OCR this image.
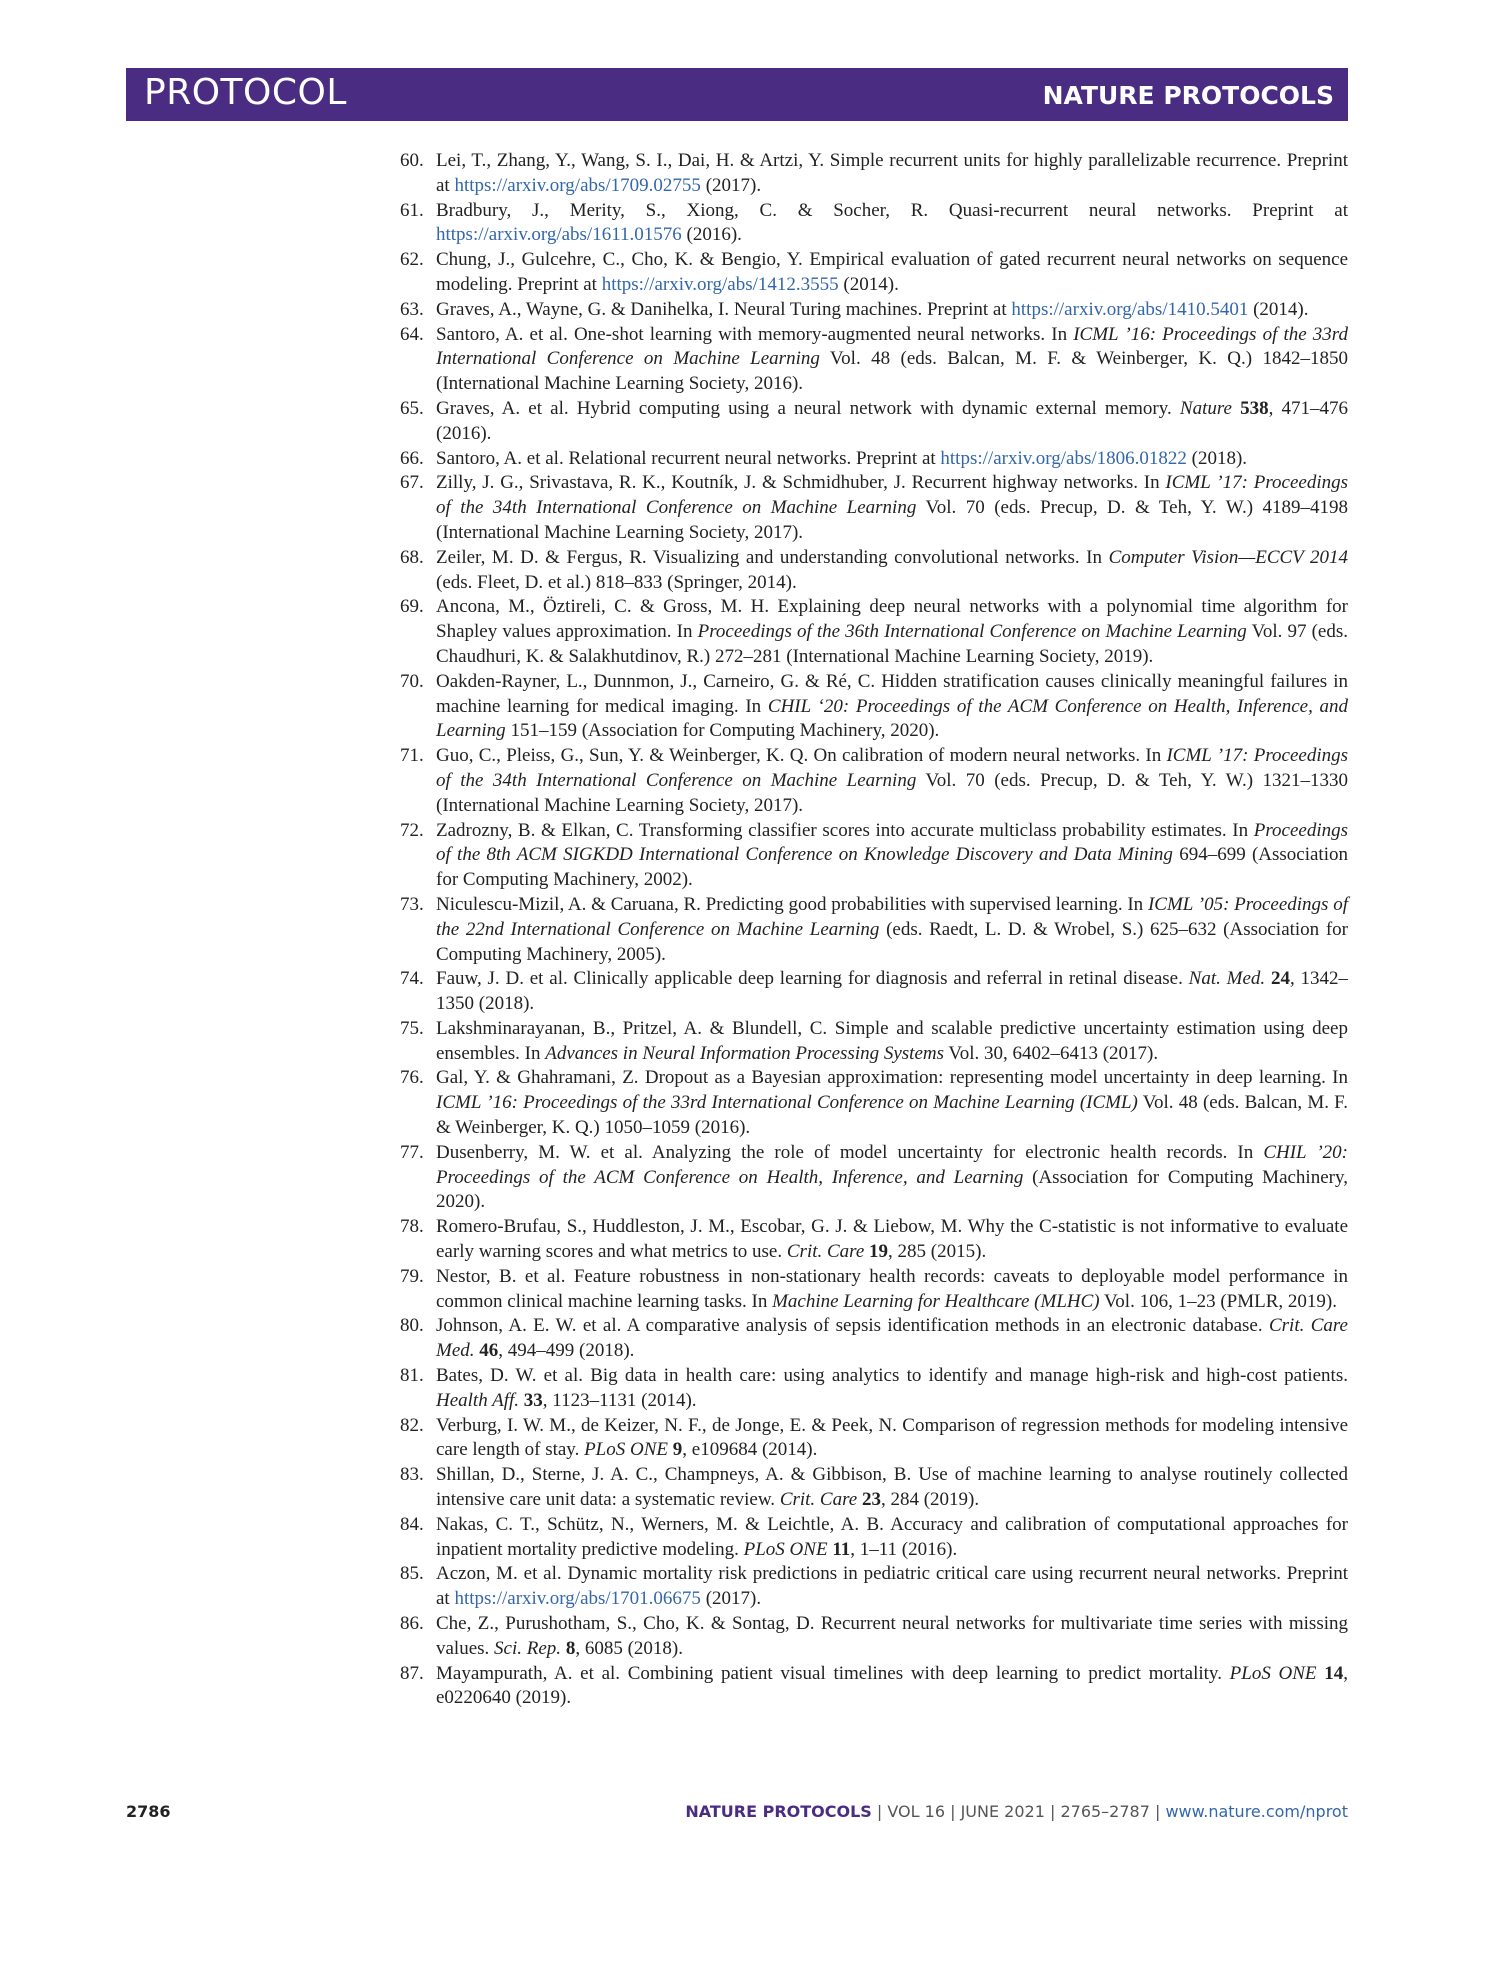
PROTOCOL	NATURE PROTOCOLS
60. Lei, T., Zhang, Y., Wang, S. I., Dai, H. & Artzi, Y. Simple recurrent units for highly parallelizable recurrence. Preprint at https://arxiv.org/abs/1709.02755 (2017).
61. Bradbury, J., Merity, S., Xiong, C. & Socher, R. Quasi-recurrent neural networks. Preprint at https://arxiv.org/abs/1611.01576 (2016).
62. Chung, J., Gulcehre, C., Cho, K. & Bengio, Y. Empirical evaluation of gated recurrent neural networks on sequence modeling. Preprint at https://arxiv.org/abs/1412.3555 (2014).
63. Graves, A., Wayne, G. & Danihelka, I. Neural Turing machines. Preprint at https://arxiv.org/abs/1410.5401 (2014).
64. Santoro, A. et al. One-shot learning with memory-augmented neural networks. In ICML ’16: Proceedings of the 33rd International Conference on Machine Learning Vol. 48 (eds. Balcan, M. F. & Weinberger, K. Q.) 1842–1850 (International Machine Learning Society, 2016).
65. Graves, A. et al. Hybrid computing using a neural network with dynamic external memory. Nature 538, 471–476 (2016).
66. Santoro, A. et al. Relational recurrent neural networks. Preprint at https://arxiv.org/abs/1806.01822 (2018).
67. Zilly, J. G., Srivastava, R. K., Koutník, J. & Schmidhuber, J. Recurrent highway networks. In ICML ’17: Proceedings of the 34th International Conference on Machine Learning Vol. 70 (eds. Precup, D. & Teh, Y. W.) 4189–4198 (International Machine Learning Society, 2017).
68. Zeiler, M. D. & Fergus, R. Visualizing and understanding convolutional networks. In Computer Vision—ECCV 2014 (eds. Fleet, D. et al.) 818–833 (Springer, 2014).
69. Ancona, M., Öztireli, C. & Gross, M. H. Explaining deep neural networks with a polynomial time algorithm for Shapley values approximation. In Proceedings of the 36th International Conference on Machine Learning Vol. 97 (eds. Chaudhuri, K. & Salakhutdinov, R.) 272–281 (International Machine Learning Society, 2019).
70. Oakden-Rayner, L., Dunnmon, J., Carneiro, G. & Ré, C. Hidden stratification causes clinically meaningful failures in machine learning for medical imaging. In CHIL ‘20: Proceedings of the ACM Conference on Health, Inference, and Learning 151–159 (Association for Computing Machinery, 2020).
71. Guo, C., Pleiss, G., Sun, Y. & Weinberger, K. Q. On calibration of modern neural networks. In ICML ’17: Proceedings of the 34th International Conference on Machine Learning Vol. 70 (eds. Precup, D. & Teh, Y. W.) 1321–1330 (International Machine Learning Society, 2017).
72. Zadrozny, B. & Elkan, C. Transforming classifier scores into accurate multiclass probability estimates. In Proceedings of the 8th ACM SIGKDD International Conference on Knowledge Discovery and Data Mining 694–699 (Association for Computing Machinery, 2002).
73. Niculescu-Mizil, A. & Caruana, R. Predicting good probabilities with supervised learning. In ICML ’05: Proceedings of the 22nd International Conference on Machine Learning (eds. Raedt, L. D. & Wrobel, S.) 625–632 (Association for Computing Machinery, 2005).
74. Fauw, J. D. et al. Clinically applicable deep learning for diagnosis and referral in retinal disease. Nat. Med. 24, 1342–1350 (2018).
75. Lakshminarayanan, B., Pritzel, A. & Blundell, C. Simple and scalable predictive uncertainty estimation using deep ensembles. In Advances in Neural Information Processing Systems Vol. 30, 6402–6413 (2017).
76. Gal, Y. & Ghahramani, Z. Dropout as a Bayesian approximation: representing model uncertainty in deep learning. In ICML ’16: Proceedings of the 33rd International Conference on Machine Learning (ICML) Vol. 48 (eds. Balcan, M. F. & Weinberger, K. Q.) 1050–1059 (2016).
77. Dusenberry, M. W. et al. Analyzing the role of model uncertainty for electronic health records. In CHIL ’20: Proceedings of the ACM Conference on Health, Inference, and Learning (Association for Computing Machinery, 2020).
78. Romero-Brufau, S., Huddleston, J. M., Escobar, G. J. & Liebow, M. Why the C-statistic is not informative to evaluate early warning scores and what metrics to use. Crit. Care 19, 285 (2015).
79. Nestor, B. et al. Feature robustness in non-stationary health records: caveats to deployable model performance in common clinical machine learning tasks. In Machine Learning for Healthcare (MLHC) Vol. 106, 1–23 (PMLR, 2019).
80. Johnson, A. E. W. et al. A comparative analysis of sepsis identification methods in an electronic database. Crit. Care Med. 46, 494–499 (2018).
81. Bates, D. W. et al. Big data in health care: using analytics to identify and manage high-risk and high-cost patients. Health Aff. 33, 1123–1131 (2014).
82. Verburg, I. W. M., de Keizer, N. F., de Jonge, E. & Peek, N. Comparison of regression methods for modeling intensive care length of stay. PLoS ONE 9, e109684 (2014).
83. Shillan, D., Sterne, J. A. C., Champneys, A. & Gibbison, B. Use of machine learning to analyse routinely collected intensive care unit data: a systematic review. Crit. Care 23, 284 (2019).
84. Nakas, C. T., Schütz, N., Werners, M. & Leichtle, A. B. Accuracy and calibration of computational approaches for inpatient mortality predictive modeling. PLoS ONE 11, 1–11 (2016).
85. Aczon, M. et al. Dynamic mortality risk predictions in pediatric critical care using recurrent neural networks. Preprint at https://arxiv.org/abs/1701.06675 (2017).
86. Che, Z., Purushotham, S., Cho, K. & Sontag, D. Recurrent neural networks for multivariate time series with missing values. Sci. Rep. 8, 6085 (2018).
87. Mayampurath, A. et al. Combining patient visual timelines with deep learning to predict mortality. PLoS ONE 14, e0220640 (2019).
2786	NATURE PROTOCOLS | VOL 16 | JUNE 2021 | 2765–2787 | www.nature.com/nprot
